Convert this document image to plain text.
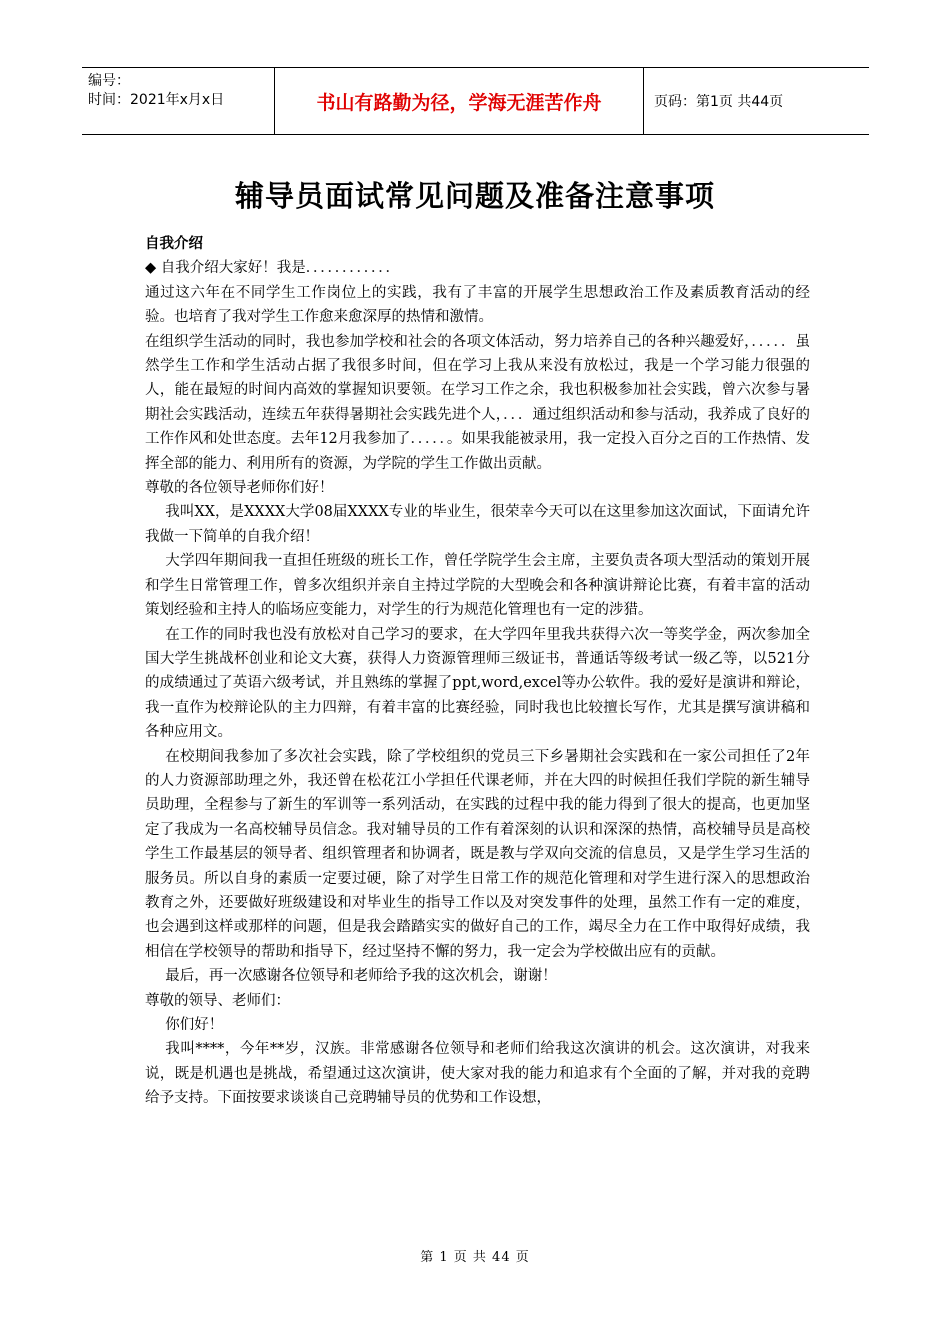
编号：
时间：2021年x月x日	书山有路勤为径，学海无涯苦作舟	页码：第1页 共44页
辅导员面试常见问题及准备注意事项

自我介绍

◆ 自我介绍大家好！我是．．．．．．．．．．．．

通过这六年在不同学生工作岗位上的实践，我有了丰富的开展学生思想政治工作及素质教育活动的经验。也培育了我对学生工作愈来愈深厚的热情和激情。

在组织学生活动的同时，我也参加学校和社会的各项文体活动，努力培养自己的各种兴趣爱好，．．．．．虽然学生工作和学生活动占据了我很多时间，但在学习上我从来没有放松过，我是一个学习能力很强的人，能在最短的时间内高效的掌握知识要领。在学习工作之余，我也积极参加社会实践，曾六次参与暑期社会实践活动，连续五年获得暑期社会实践先进个人，．．．通过组织活动和参与活动，我养成了良好的工作作风和处世态度。去年12月我参加了．．．．．。如果我能被录用，我一定投入百分之百的工作热情、发挥全部的能力、利用所有的资源，为学院的学生工作做出贡献。

尊敬的各位领导老师你们好！

我叫XX，是XXXX大学08届XXXX专业的毕业生，很荣幸今天可以在这里参加这次面试，下面请允许我做一下简单的自我介绍！

大学四年期间我一直担任班级的班长工作，曾任学院学生会主席，主要负责各项大型活动的策划开展和学生日常管理工作，曾多次组织并亲自主持过学院的大型晚会和各种演讲辩论比赛，有着丰富的活动策划经验和主持人的临场应变能力，对学生的行为规范化管理也有一定的涉猎。

在工作的同时我也没有放松对自己学习的要求，在大学四年里我共获得六次一等奖学金，两次参加全国大学生挑战杯创业和论文大赛，获得人力资源管理师三级证书，普通话等级考试一级乙等，以521分的成绩通过了英语六级考试，并且熟练的掌握了ppt,word,excel等办公软件。我的爱好是演讲和辩论，我一直作为校辩论队的主力四辩，有着丰富的比赛经验，同时我也比较擅长写作，尤其是撰写演讲稿和各种应用文。

在校期间我参加了多次社会实践，除了学校组织的党员三下乡暑期社会实践和在一家公司担任了2年的人力资源部助理之外，我还曾在松花江小学担任代课老师，并在大四的时候担任我们学院的新生辅导员助理，全程参与了新生的军训等一系列活动，在实践的过程中我的能力得到了很大的提高，也更加坚定了我成为一名高校辅导员信念。我对辅导员的工作有着深刻的认识和深深的热情，高校辅导员是高校学生工作最基层的领导者、组织管理者和协调者，既是教与学双向交流的信息员，又是学生学习生活的服务员。所以自身的素质一定要过硬，除了对学生日常工作的规范化管理和对学生进行深入的思想政治教育之外，还要做好班级建设和对毕业生的指导工作以及对突发事件的处理，虽然工作有一定的难度，也会遇到这样或那样的问题，但是我会踏踏实实的做好自己的工作，竭尽全力在工作中取得好成绩，我相信在学校领导的帮助和指导下，经过坚持不懈的努力，我一定会为学校做出应有的贡献。

最后，再一次感谢各位领导和老师给予我的这次机会，谢谢！

尊敬的领导、老师们：

你们好！

我叫****，今年**岁，汉族。非常感谢各位领导和老师们给我这次演讲的机会。这次演讲，对我来说，既是机遇也是挑战，希望通过这次演讲，使大家对我的能力和追求有个全面的了解，并对我的竞聘给予支持。下面按要求谈谈自己竞聘辅导员的优势和工作设想，

第 1 页 共 44 页
